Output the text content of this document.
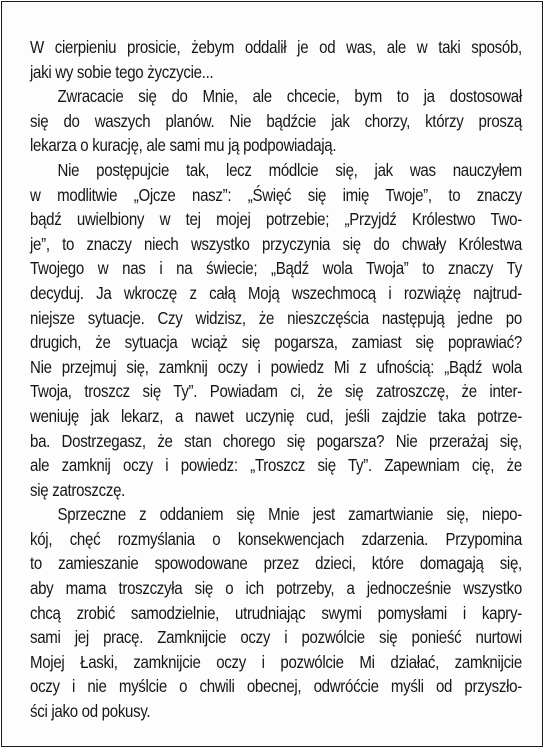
W cierpieniu prosicie, żebym oddalił je od was, ale w taki sposób,
jaki wy sobie tego życzycie...
Zwracacie się do Mnie, ale chcecie, bym to ja dostosował
się do waszych planów. Nie bądźcie jak chorzy, którzy proszą
lekarza o kurację, ale sami mu ją podpowiadają.
Nie postępujcie tak, lecz módlcie się, jak was nauczyłem
w modlitwie „Ojcze nasz”: „Święć się imię Twoje”, to znaczy
bądź uwielbiony w tej mojej potrzebie; „Przyjdź Królestwo Two-
je”, to znaczy niech wszystko przyczynia się do chwały Królestwa
Twojego w nas i na świecie; „Bądź wola Twoja” to znaczy Ty
decyduj. Ja wkroczę z całą Moją wszechmocą i rozwiążę najtrud-
niejsze sytuacje. Czy widzisz, że nieszczęścia następują jedne po
drugich, że sytuacja wciąż się pogarsza, zamiast się poprawiać?
Nie przejmuj się, zamknij oczy i powiedz Mi z ufnością: „Bądź wola
Twoja, troszcz się Ty”. Powiadam ci, że się zatroszczę, że inter-
weniuję jak lekarz, a nawet uczynię cud, jeśli zajdzie taka potrze-
ba. Dostrzegasz, że stan chorego się pogarsza? Nie przerażaj się,
ale zamknij oczy i powiedz: „Troszcz się Ty”. Zapewniam cię, że
się zatroszczę.
Sprzeczne z oddaniem się Mnie jest zamartwianie się, niepo-
kój, chęć rozmyślania o konsekwencjach zdarzenia. Przypomina
to zamieszanie spowodowane przez dzieci, które domagają się,
aby mama troszczyła się o ich potrzeby, a jednocześnie wszystko
chcą zrobić samodzielnie, utrudniając swymi pomysłami i kapry-
sami jej pracę. Zamknijcie oczy i pozwólcie się ponieść nurtowi
Mojej Łaski, zamknijcie oczy i pozwólcie Mi działać, zamknijcie
oczy i nie myślcie o chwili obecnej, odwróćcie myśli od przyszło-
ści jako od pokusy.
